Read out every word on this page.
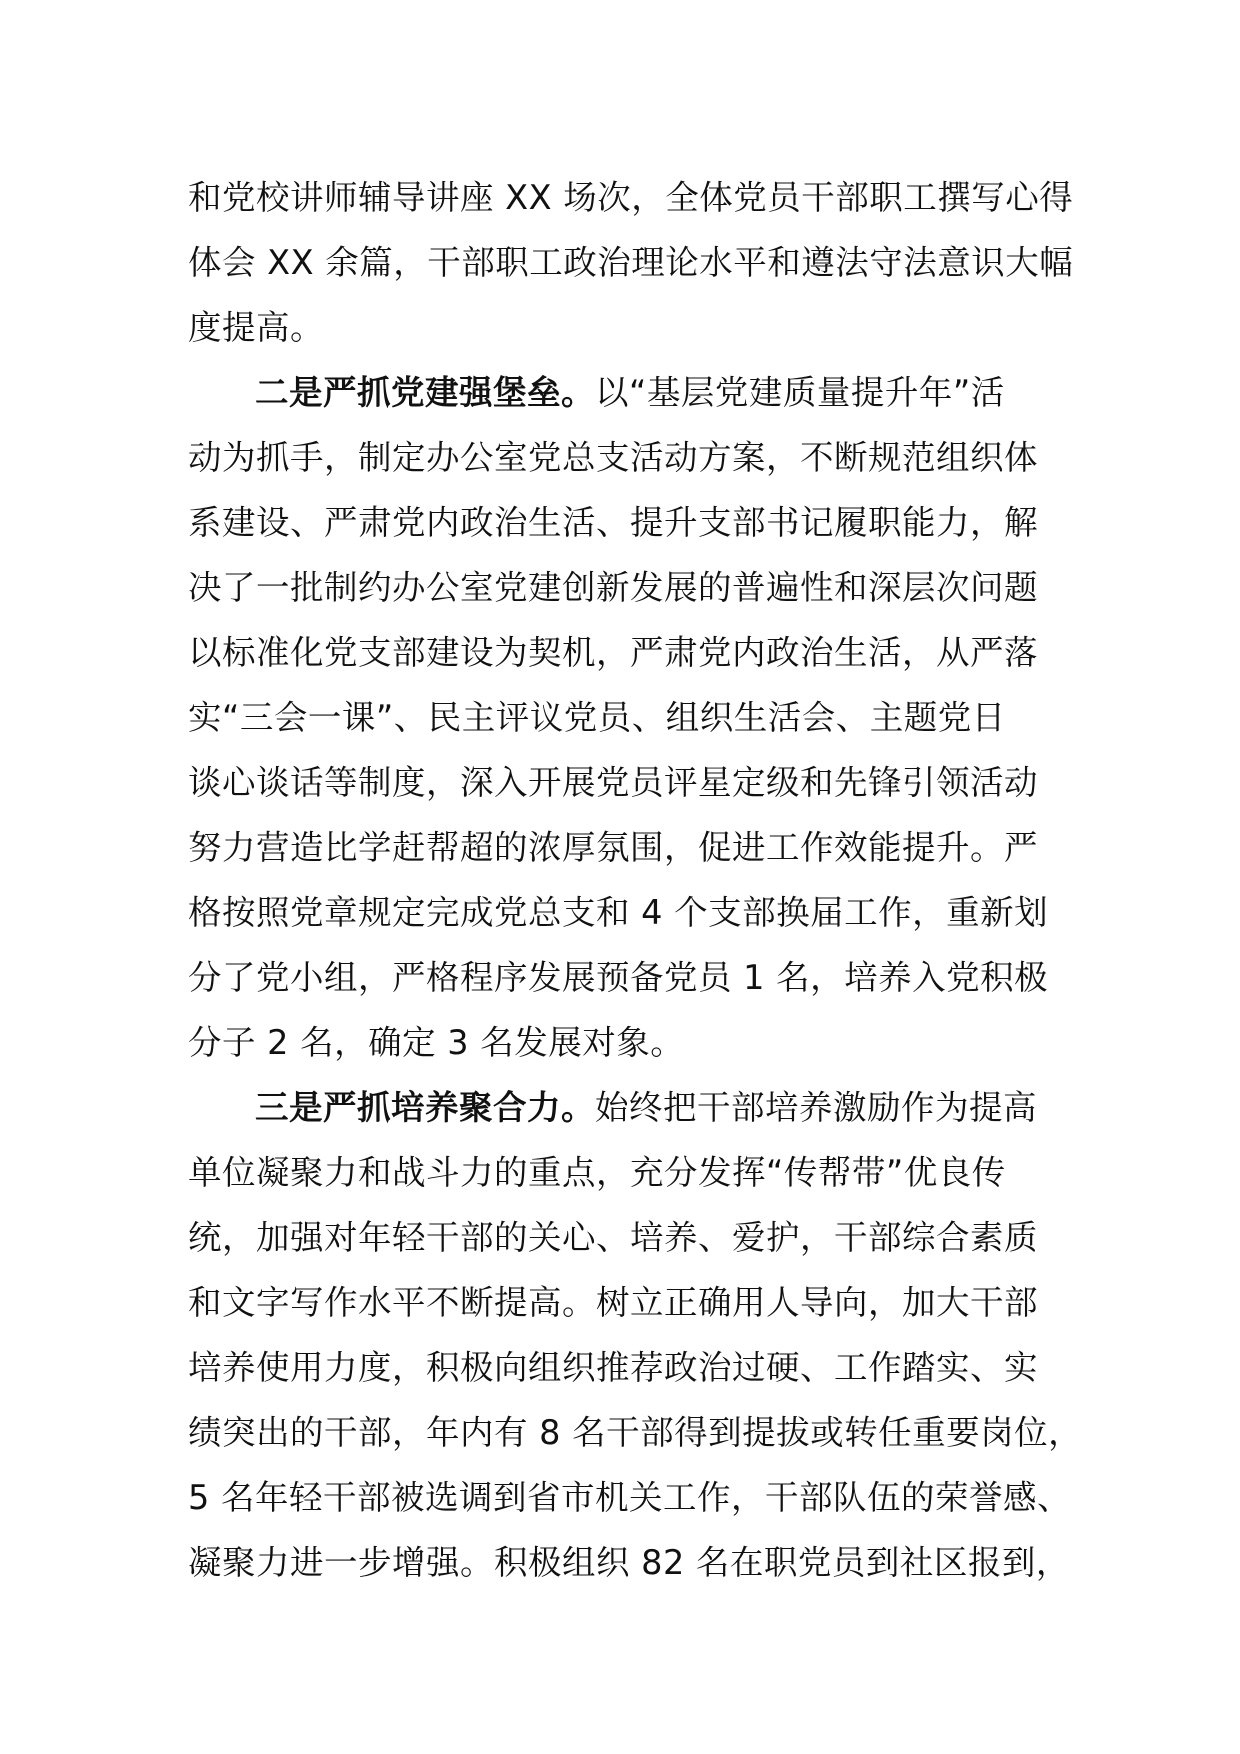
和党校讲师辅导讲座 XX 场次，全体党员干部职工撰写心得
体会 XX 余篇，干部职工政治理论水平和遵法守法意识大幅
度提高。
二是严抓党建强堡垒。以“基层党建质量提升年”活
动为抓手，制定办公室党总支活动方案，不断规范组织体
系建设、严肃党内政治生活、提升支部书记履职能力，解
决了一批制约办公室党建创新发展的普遍性和深层次问题
以标准化党支部建设为契机，严肃党内政治生活，从严落
实“三会一课”、民主评议党员、组织生活会、主题党日
谈心谈话等制度，深入开展党员评星定级和先锋引领活动
努力营造比学赶帮超的浓厚氛围，促进工作效能提升。严
格按照党章规定完成党总支和 4 个支部换届工作，重新划
分了党小组，严格程序发展预备党员 1 名，培养入党积极
分子 2 名，确定 3 名发展对象。
三是严抓培养聚合力。始终把干部培养激励作为提高
单位凝聚力和战斗力的重点，充分发挥“传帮带”优良传
统，加强对年轻干部的关心、培养、爱护，干部综合素质
和文字写作水平不断提高。树立正确用人导向，加大干部
培养使用力度，积极向组织推荐政治过硬、工作踏实、实
绩突出的干部，年内有 8 名干部得到提拔或转任重要岗位，
5 名年轻干部被选调到省市机关工作，干部队伍的荣誉感、
凝聚力进一步增强。积极组织 82 名在职党员到社区报到，
